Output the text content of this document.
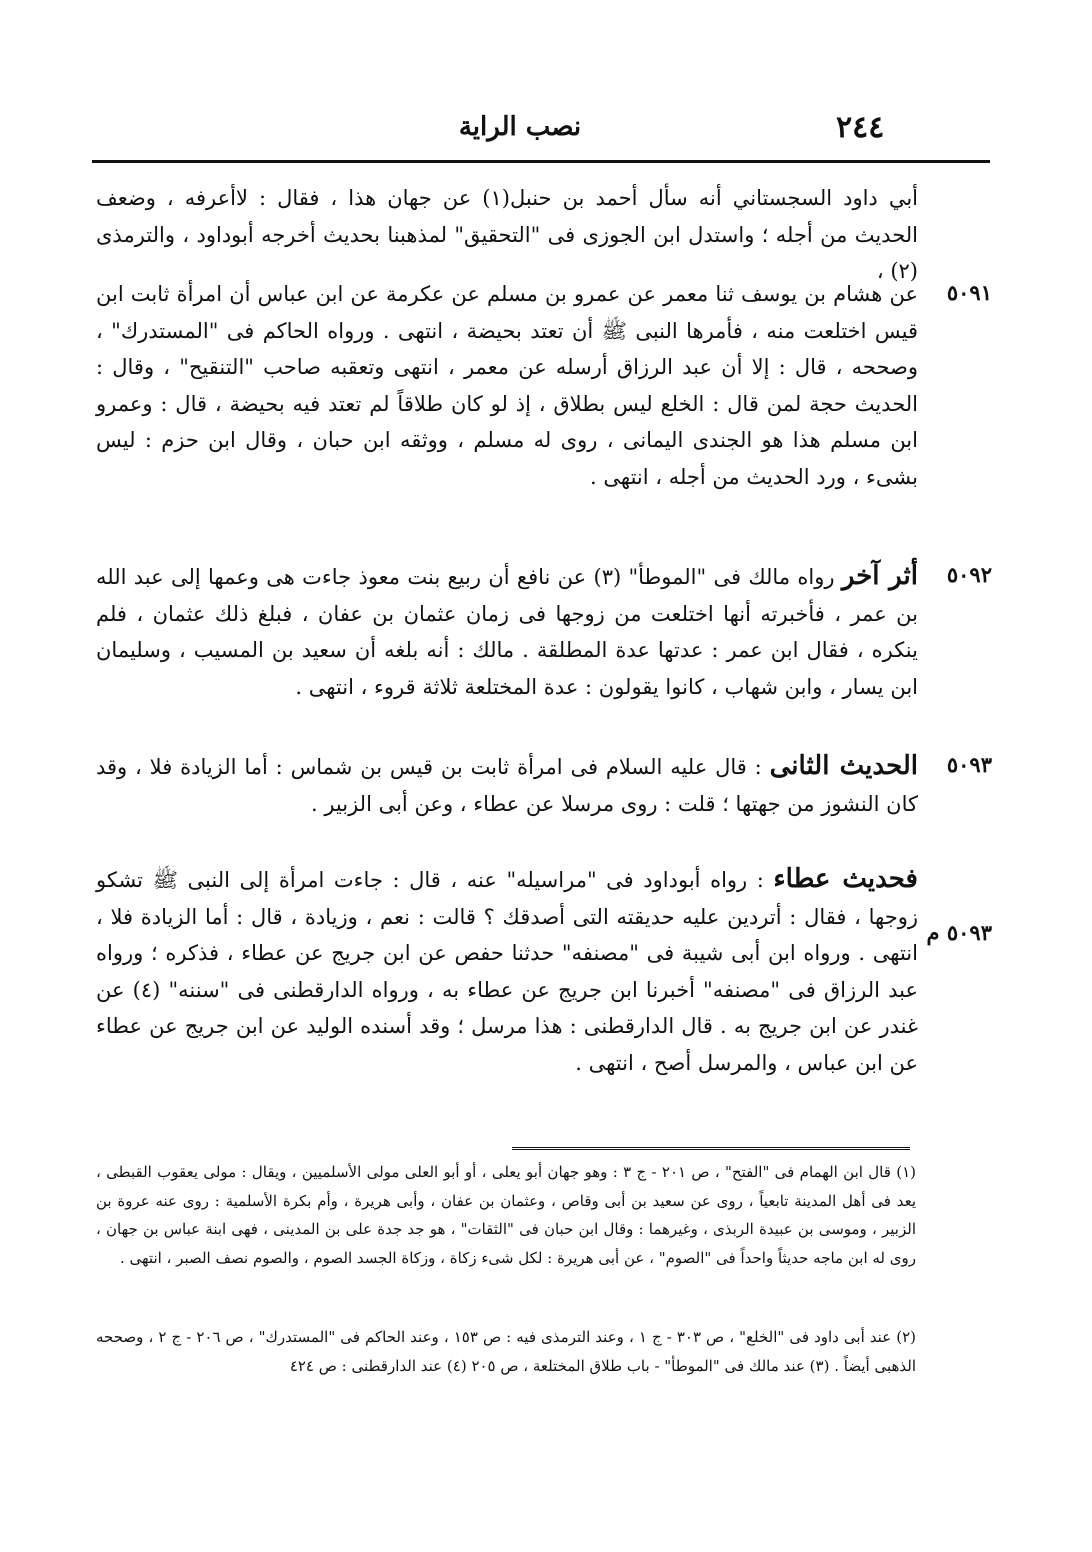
نصب الراية	٢٤٤
أبي داود السجستاني أنه سأل أحمد بن حنبل(١) عن جهان هذا ، فقال : لاأعرفه ، وضعف الحديث من أجله ؛ واستدل ابن الجوزى فى "التحقيق" لمذهبنا بحديث أخرجه أبوداود ، والترمذى (٢) ،
٥٠٩١
عن هشام بن يوسف ثنا معمر عن عمرو بن مسلم عن عكرمة عن ابن عباس أن امرأة ثابت ابن قيس اختلعت منه ، فأمرها النبى ﷺ أن تعتد بحيضة ، انتهى . ورواه الحاكم فى "المستدرك" ، وصححه ، قال : إلا أن عبد الرزاق أرسله عن معمر ، انتهى وتعقبه صاحب "التنقيح" ، وقال : الحديث حجة لمن قال : الخلع ليس بطلاق ، إذ لو كان طلاقاً لم تعتد فيه بحيضة ، قال : وعمرو ابن مسلم هذا هو الجندى اليمانى ، روى له مسلم ، ووثقه ابن حبان ، وقال ابن حزم : ليس بشىء ، ورد الحديث من أجله ، انتهى .
٥٠٩٢
أثر آخر رواه مالك فى "الموطأ" (٣) عن نافع أن ربيع بنت معوذ جاءت هى وعمها إلى عبد الله بن عمر ، فأخبرته أنها اختلعت من زوجها فى زمان عثمان بن عفان ، فبلغ ذلك عثمان ، فلم ينكره ، فقال ابن عمر : عدتها عدة المطلقة . مالك : أنه بلغه أن سعيد بن المسيب ، وسليمان ابن يسار ، وابن شهاب ، كانوا يقولون : عدة المختلعة ثلاثة قروء ، انتهى .
٥٠٩٣
الحديث الثانى : قال عليه السلام فى امرأة ثابت بن قيس بن شماس : أما الزيادة فلا ، وقد كان النشوز من جهتها ؛ قلت : روى مرسلا عن عطاء ، وعن أبى الزبير .
٥٠٩٣ م
فحديث عطاء : رواه أبوداود فى "مراسيله" عنه ، قال : جاءت امرأة إلى النبى ﷺ تشكو زوجها ، فقال : أتردين عليه حديقته التى أصدقك ؟ قالت : نعم ، وزيادة ، قال : أما الزيادة فلا ، انتهى . ورواه ابن أبى شيبة فى "مصنفه" حدثنا حفص عن ابن جريج عن عطاء ، فذكره ؛ ورواه عبد الرزاق فى "مصنفه" أخبرنا ابن جريج عن عطاء به ، ورواه الدارقطنى فى "سننه" (٤) عن غندر عن ابن جريج به . قال الدارقطنى : هذا مرسل ؛ وقد أسنده الوليد عن ابن جريج عن عطاء عن ابن عباس ، والمرسل أصح ، انتهى .
(١) قال ابن الهمام فى "الفتح" ، ص ٢٠١ - ج ٣ : وهو جهان أبو يعلى ، أو أبو العلى مولى الأسلميين ، ويقال : مولى يعقوب القبطى ، يعد فى أهل المدينة تابعياً ، روى عن سعيد بن أبى وقاص ، وعثمان بن عفان ، وأبى هريرة ، وأم بكرة الأسلمية : روى عنه عروة بن الزبير ، وموسى بن عبيدة الربذى ، وغيرهما : وقال ابن حبان فى "الثقات" ، هو جد جدة على بن المدينى ، فهى ابنة عباس بن جهان ، روى له ابن ماجه حديثاً واحداً فى "الصوم" ، عن أبى هريرة : لكل شىء زكاة ، وزكاة الجسد الصوم ، والصوم نصف الصبر ، انتهى .
(٢) عند أبى داود فى "الخلع" ، ص ٣٠٣ - ج ١ ، وعند الترمذى فيه : ص ١٥٣ ، وعند الحاكم فى "المستدرك" ، ص ٢٠٦ - ج ٢ ، وصححه الذهبى أيضاً . (٣) عند مالك فى "الموطأ" - باب طلاق المختلعة ، ص ٢٠٥ (٤) عند الدارقطنى : ص ٤٢٤
